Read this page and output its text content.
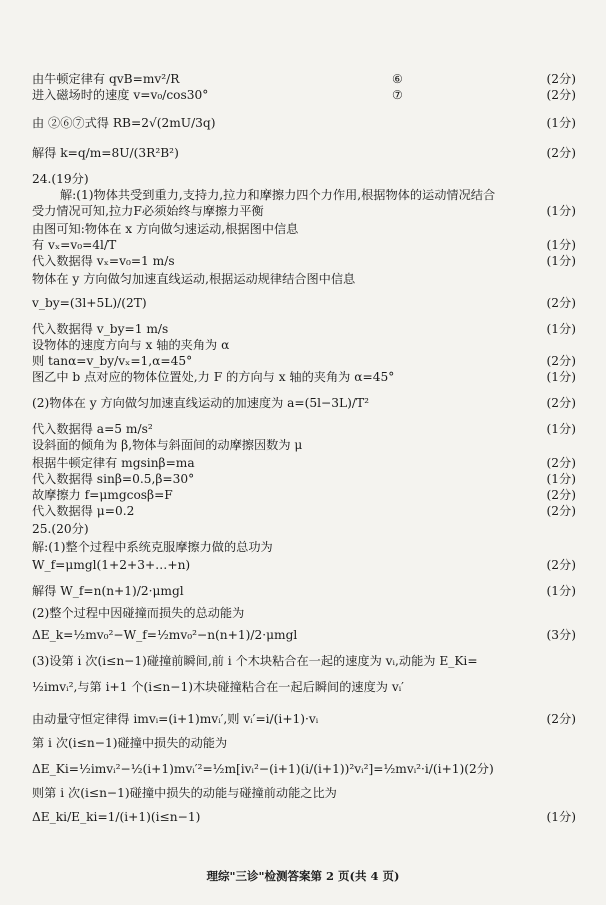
由牛顿定律有 qvB=mv²/R	⑥	(2分)
进入磁场时的速度 v=v₀/cos30°	⑦	(2分)
由 ②⑥⑦式得 RB=2√(2mU/3q)	(1分)
解得 k=q/m=8U/(3R²B²)	(2分)
24.(19分)
解:(1)物体共受到重力,支持力,拉力和摩擦力四个力作用,根据物体的运动情况结合
受力情况可知,拉力F必须始终与摩擦力平衡	(1分)
由图可知:物体在 x 方向做匀速运动,根据图中信息
有 vₓ=v₀=4l/T	(1分)
代入数据得 vₓ=v₀=1 m/s	(1分)
物体在 y 方向做匀加速直线运动,根据运动规律结合图中信息
v_by=(3l+5L)/(2T)	(2分)
代入数据得 v_by=1 m/s	(1分)
设物体的速度方向与 x 轴的夹角为 α
则 tanα=v_by/vₓ=1,α=45°	(2分)
图乙中 b 点对应的物体位置处,力 F 的方向与 x 轴的夹角为 α=45°	(1分)
(2)物体在 y 方向做匀加速直线运动的加速度为 a=(5l−3L)/T²	(2分)
代入数据得 a=5 m/s²	(1分)
设斜面的倾角为 β,物体与斜面间的动摩擦因数为 μ
根据牛顿定律有 mgsinβ=ma	(2分)
代入数据得 sinβ=0.5,β=30°	(1分)
故摩擦力 f=μmgcosβ=F	(2分)
代入数据得 μ=0.2	(2分)
25.(20分)
解:(1)整个过程中系统克服摩擦力做的总功为
W_f=μmgl(1+2+3+…+n)	(2分)
解得 W_f=n(n+1)/2·μmgl	(1分)
(2)整个过程中因碰撞而损失的总动能为
ΔE_k=½mv₀²−W_f=½mv₀²−n(n+1)/2·μmgl	(3分)
(3)设第 i 次(i≤n−1)碰撞前瞬间,前 i 个木块粘合在一起的速度为 vᵢ,动能为 E_Ki=
½imvᵢ²,与第 i+1 个(i≤n−1)木块碰撞粘合在一起后瞬间的速度为 vᵢ′
由动量守恒定律得 imvᵢ=(i+1)mvᵢ′,则 vᵢ′=i/(i+1)·vᵢ	(2分)
第 i 次(i≤n−1)碰撞中损失的动能为
ΔE_Ki=½imvᵢ²−½(i+1)mvᵢ′²=½m[ivᵢ²−(i+1)(i/(i+1))²vᵢ²]=½mvᵢ²·i/(i+1)(2分)
则第 i 次(i≤n−1)碰撞中损失的动能与碰撞前动能之比为
ΔE_ki/E_ki=1/(i+1)(i≤n−1)	(1分)
理综"三诊"检测答案第 2 页(共 4 页)
